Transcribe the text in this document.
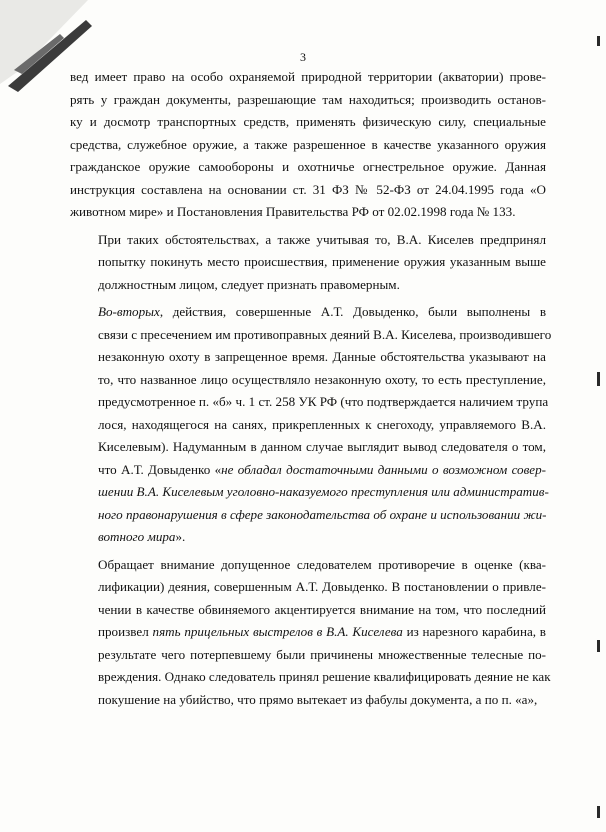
3

вед имеет право на особо охраняемой природной территории (акватории) прове-
рять у граждан документы, разрешающие там находиться; производить останов-
ку и досмотр транспортных средств, применять физическую силу, специальные
средства, служебное оружие, а также разрешенное в качестве указанного оружия
гражданское оружие самообороны и охотничье огнестрельное оружие. Данная
инструкция составлена на основании ст. 31 ФЗ № 52-ФЗ от 24.04.1995 года «О
животном мире» и Постановления Правительства РФ от 02.02.1998 года № 133.

При таких обстоятельствах, а также учитывая то, В.А. Киселев предпринял
попытку покинуть место происшествия, применение оружия указанным выше
должностным лицом, следует признать правомерным.

Во-вторых, действия, совершенные А.Т. Довыденко, были выполнены в
связи с пресечением им противоправных деяний В.А. Киселева, производившего
незаконную охоту в запрещенное время. Данные обстоятельства указывают на
то, что названное лицо осуществляло незаконную охоту, то есть преступление,
предусмотренное п. «б» ч. 1 ст. 258 УК РФ (что подтверждается наличием трупа
лося, находящегося на санях, прикрепленных к снегоходу, управляемого В.А.
Киселевым). Надуманным в данном случае выглядит вывод следователя о том,
что А.Т. Довыденко «не обладал достаточными данными о возможном совер-
шении В.А. Киселевым уголовно-наказуемого преступления или административ-
ного правонарушения в сфере законодательства об охране и использовании жи-
вотного мира».

Обращает внимание допущенное следователем противоречие в оценке (ква-
лификации) деяния, совершенным А.Т. Довыденко. В постановлении о привле-
чении в качестве обвиняемого акцентируется внимание на том, что последний
произвел пять прицельных выстрелов в В.А. Киселева из нарезного карабина, в
результате чего потерпевшему были причинены множественные телесные по-
вреждения. Однако следователь принял решение квалифицировать деяние не как
покушение на убийство, что прямо вытекает из фабулы документа, а по п. «а»,
